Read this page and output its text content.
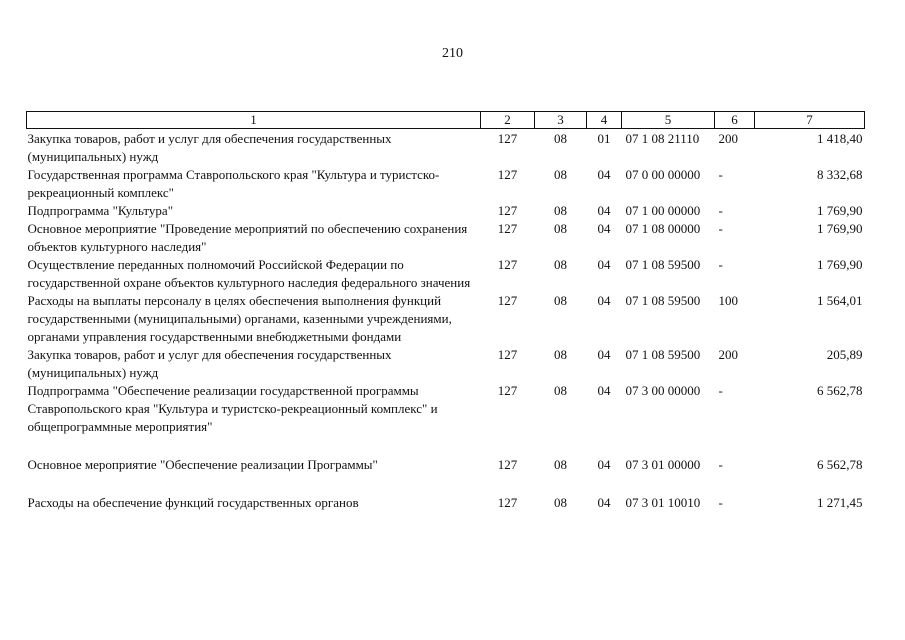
210
1	2	3	4	5	6	7
Закупка товаров, работ и услуг для обеспечения государственных (муниципальных) нужд	127	08	01	07 1 08 21110	200	1 418,40
Государственная программа Ставропольского края "Культура и туристско-рекреационный комплекс"	127	08	04	07 0 00 00000	-	8 332,68
Подпрограмма "Культура"	127	08	04	07 1 00 00000	-	1 769,90
Основное мероприятие "Проведение мероприятий по обеспечению сохранения объектов культурного наследия"	127	08	04	07 1 08 00000	-	1 769,90
Осуществление переданных полномочий Российской Федерации по государственной охране объектов культурного наследия федерального значения	127	08	04	07 1 08 59500	-	1 769,90
Расходы на выплаты персоналу в целях обеспечения выполнения функций государственными (муниципальными) органами, казенными учреждениями, органами управления государственными внебюджетными фондами	127	08	04	07 1 08 59500	100	1 564,01
Закупка товаров, работ и услуг для обеспечения государственных (муниципальных) нужд	127	08	04	07 1 08 59500	200	205,89
Подпрограмма "Обеспечение реализации государственной программы Ставропольского края "Культура и туристско-рекреационный комплекс" и общепрограммные мероприятия"	127	08	04	07 3 00 00000	-	6 562,78
Основное мероприятие "Обеспечение реализации Программы"	127	08	04	07 3 01 00000	-	6 562,78
Расходы на обеспечение функций государственных органов	127	08	04	07 3 01 10010	-	1 271,45
